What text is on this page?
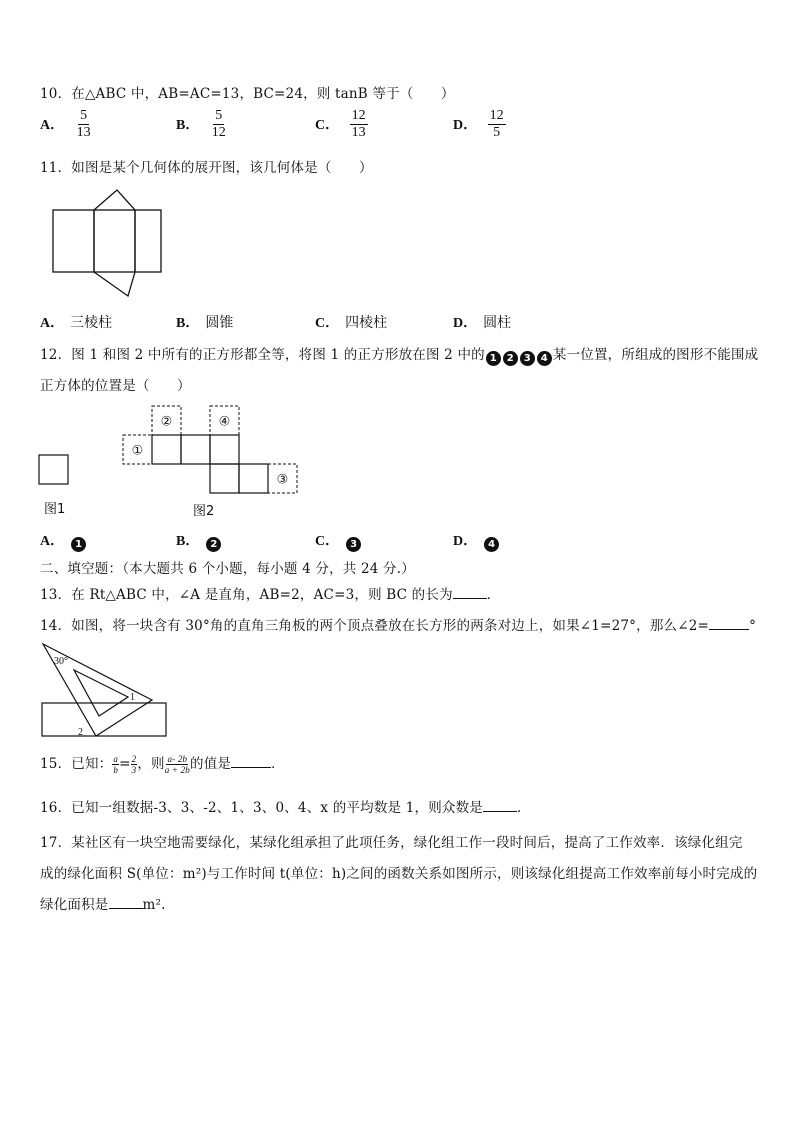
10．在△ABC 中，AB=AC=13，BC=24，则 tanB 等于（　　）
A． $\frac{5}{13}$	B． $\frac{5}{12}$	C． $\frac{12}{13}$	D． $\frac{12}{5}$
11．如图是某个几何体的展开图，该几何体是（　　）
A． 三棱柱	B． 圆锥	C． 四棱柱	D． 圆柱
12．图 1 和图 2 中所有的正方形都全等，将图 1 的正方形放在图 2 中的 1 2 3 4 某一位置，所组成的图形不能围成
正方体的位置是（　　）
图1
①
②	④
③
图2
A． 1	B． 2	C． 3	D． 4
二、填空题：（本大题共 6 个小题，每小题 4 分，共 24 分.）
13．在 Rt△ABC 中，∠A 是直角，AB=2，AC=3，则 BC 的长为	．
14．如图，将一块含有 30°角的直角三角板的两个顶点叠放在长方形的两条对边上，如果∠1=27°，那么∠2=	°
30°
1
2
15．已知： $\frac{a}{b} = \frac{2}{3}$ ，则 $\frac{a- 2b}{a + 2b}$ 的值是	．
16．已知一组数据-3、3、-2、1、3、0、4、x 的平均数是 1，则众数是	．
17．某社区有一块空地需要绿化，某绿化组承担了此项任务，绿化组工作一段时间后，提高了工作效率．该绿化组完
成的绿化面积 S(单位：m²)与工作时间 t(单位：h)之间的函数关系如图所示，则该绿化组提高工作效率前每小时完成的
绿化面积是	m².
